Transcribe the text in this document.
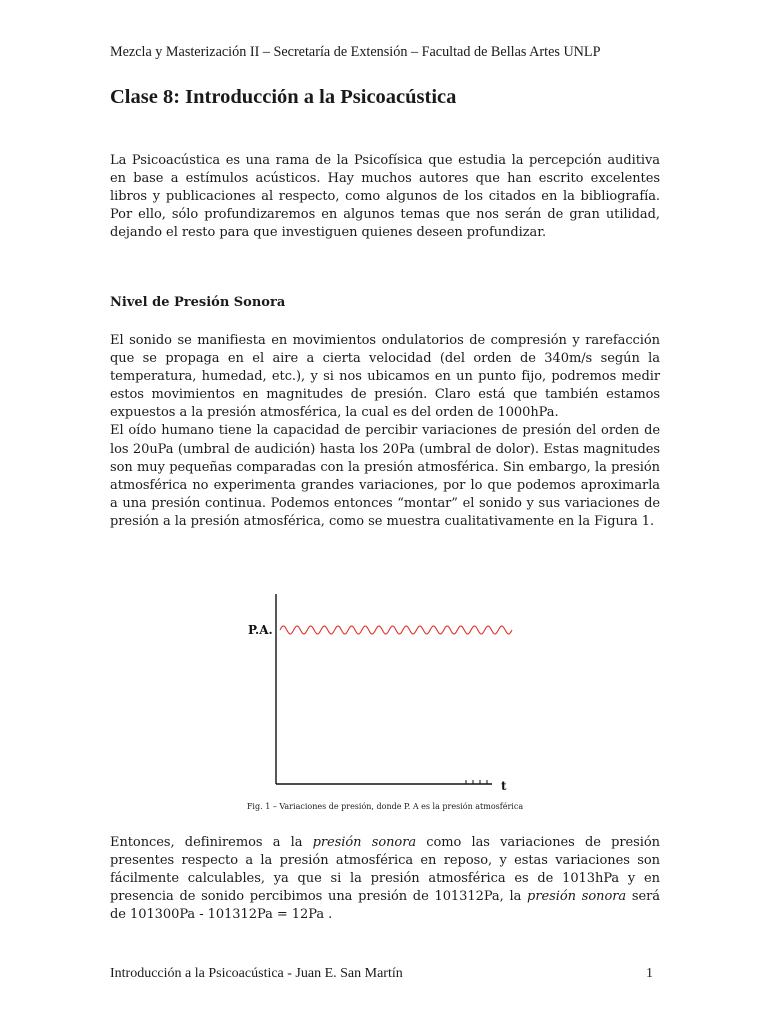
Mezcla y Masterización II – Secretaría de Extensión – Facultad de Bellas Artes UNLP
Clase 8: Introducción a la Psicoacústica

La Psicoacústica es una rama de la Psicofísica que estudia la percepción auditiva en base a estímulos acústicos. Hay muchos autores que han escrito excelentes libros y publicaciones al respecto, como algunos de los citados en la bibliografía. Por ello, sólo profundizaremos en algunos temas que nos serán de gran utilidad, dejando el resto para que investiguen quienes deseen profundizar.

Nivel de Presión Sonora

El sonido se manifiesta en movimientos ondulatorios de compresión y rarefacción que se propaga en el aire a cierta velocidad (del orden de 340m/s según la temperatura, humedad, etc.), y si nos ubicamos en un punto fijo, podremos medir estos movimientos en magnitudes de presión. Claro está que también estamos expuestos a la presión atmosférica, la cual es del orden de 1000hPa.

El oído humano tiene la capacidad de percibir variaciones de presión del orden de los 20uPa (umbral de audición) hasta los 20Pa (umbral de dolor). Estas magnitudes son muy pequeñas comparadas con la presión atmosférica. Sin embargo, la presión atmosférica no experimenta grandes variaciones, por lo que podemos aproximarla a una presión continua. Podemos entonces “montar” el sonido y sus variaciones de presión a la presión atmosférica, como se muestra cualitativamente en la Figura 1.

P.A.
t
Fig. 1 – Variaciones de presión, donde P. A es la presión atmosférica

Entonces, definiremos a la presión sonora como las variaciones de presión presentes respecto a la presión atmosférica en reposo, y estas variaciones son fácilmente calculables, ya que si la presión atmosférica es de 1013hPa y en presencia de sonido percibimos una presión de 101312Pa, la presión sonora será de 101300Pa - 101312Pa = 12Pa .

Introducción a la Psicoacústica - Juan E. San Martín	1
